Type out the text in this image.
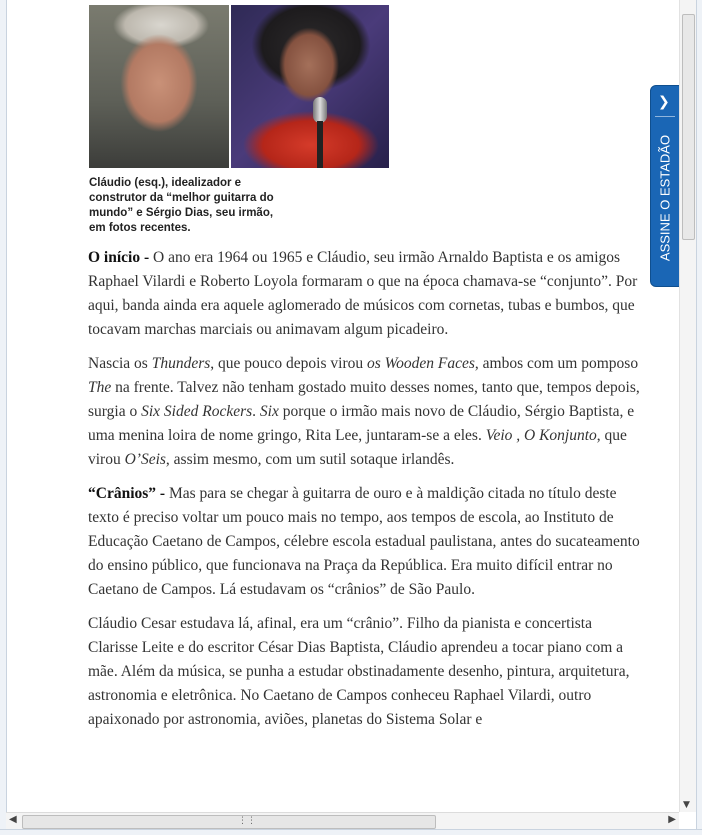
Cláudio (esq.), idealizador e construtor da “melhor guitarra do mundo” e Sérgio Dias, seu irmão, em fotos recentes.

O início - O ano era 1964 ou 1965 e Cláudio, seu irmão Arnaldo Baptista e os amigos Raphael Vilardi e Roberto Loyola formaram o que na época chamava-se “conjunto”. Por aqui, banda ainda era aquele aglomerado de músicos com cornetas, tubas e bumbos, que tocavam marchas marciais ou animavam algum picadeiro.

Nascia os Thunders, que pouco depois virou os Wooden Faces, ambos com um pomposo The na frente. Talvez não tenham gostado muito desses nomes, tanto que, tempos depois, surgia o Six Sided Rockers. Six porque o irmão mais novo de Cláudio, Sérgio Baptista, e uma menina loira de nome gringo, Rita Lee, juntaram-se a eles. Veio , O Konjunto, que virou O’Seis, assim mesmo, com um sutil sotaque irlandês.

“Crânios” - Mas para se chegar à guitarra de ouro e à maldição citada no título deste texto é preciso voltar um pouco mais no tempo, aos tempos de escola, ao Instituto de Educação Caetano de Campos, célebre escola estadual paulistana, antes do sucateamento do ensino público, que funcionava na Praça da República. Era muito difícil entrar no Caetano de Campos. Lá estudavam os “crânios” de São Paulo.

Cláudio Cesar estudava lá, afinal, era um “crânio”. Filho da pianista e concertista Clarisse Leite e do escritor César Dias Baptista, Cláudio aprendeu a tocar piano com a mãe. Além da música, se punha a estudar obstinadamente desenho, pintura, arquitetura, astronomia e eletrônica. No Caetano de Campos conheceu Raphael Vilardi, outro apaixonado por astronomia, aviões, planetas do Sistema Solar e

❯
ASSINE O ESTADÃO
▼
◀	⋮⋮	▶
